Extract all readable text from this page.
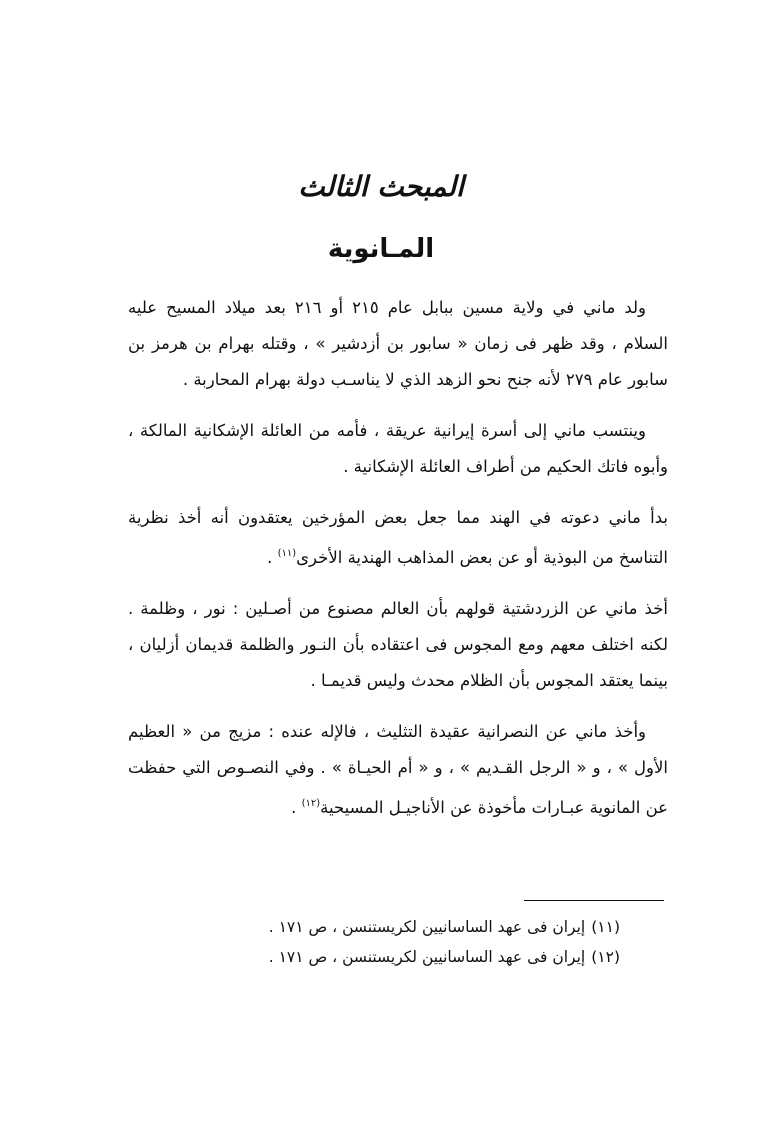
المبحث الثالث
المـانوية

ولد ماني في ولاية مسين ببابل عام ٢١٥ أو ٢١٦ بعد ميلاد المسيح عليه السلام ، وقد ظهر فى زمان « سابور بن أزدشير » ، وقتله بهرام بن هرمز بن سابور عام ٢٧٩ لأنه جنح نحو الزهد الذي لا يناسـب دولة بهرام المحاربة .

وينتسب ماني إلى أسرة إيرانية عريقة ، فأمه من العائلة الإشكانية المالكة ، وأبوه فاتك الحكيم من أطراف العائلة الإشكانية .

بدأ ماني دعوته في الهند مما جعل بعض المؤرخين يعتقدون أنه أخذ نظرية التناسخ من البوذية أو عن بعض المذاهب الهندية الأخرى$^{(١١)}$ .

أخذ ماني عن الزردشتية قولهم بأن العالم مصنوع من أصـلين : نور ، وظلمة . لكنه اختلف معهم ومع المجوس فى اعتقاده بأن النـور والظلمة قديمان أزليان ، بينما يعتقد المجوس بأن الظلام محدث وليس قديمـا .

وأخذ ماني عن النصرانية عقيدة التثليث ، فالإله عنده : مزيج من « العظيم الأول » ، و « الرجل القـديم » ، و « أم الحيـاة » . وفي النصـوص التي حفظت عن المانوية عبـارات مأخوذة عن الأناجيـل المسيحية$^{(١٢)}$ .

(١١)إيران فى عهد الساسانيين لكريستنسن ، ص ١٧١ .

(١٢)إيران فى عهد الساسانيين لكريستنسن ، ص ١٧١ .
